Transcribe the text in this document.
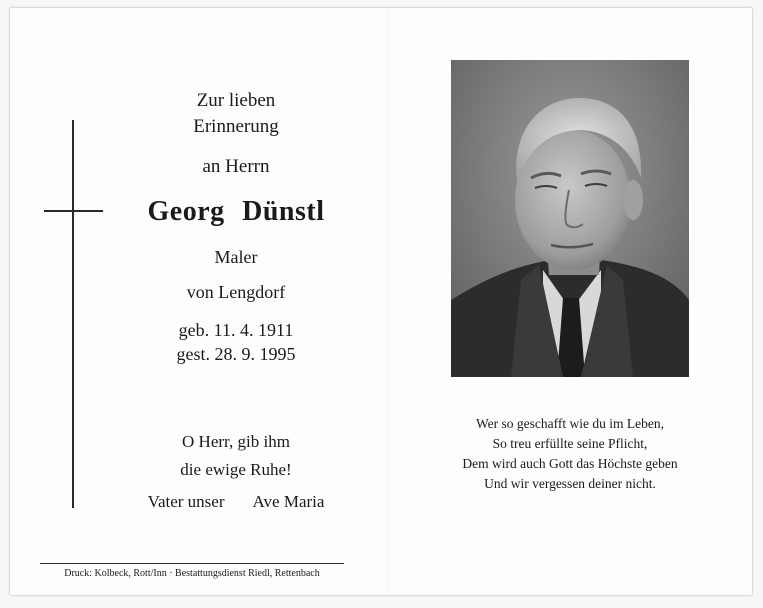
Zur lieben
Erinnerung
an Herrn
Georg Dünstl
Maler
von Lengdorf
geb. 11. 4. 1911
gest. 28. 9. 1995
O Herr, gib ihm
die ewige Ruhe!
Vater unser Ave Maria
Druck: Kolbeck, Rott/Inn · Bestattungsdienst Riedl, Rettenbach
Wer so geschafft wie du im Leben,
So treu erfüllte seine Pflicht,
Dem wird auch Gott das Höchste geben
Und wir vergessen deiner nicht.
